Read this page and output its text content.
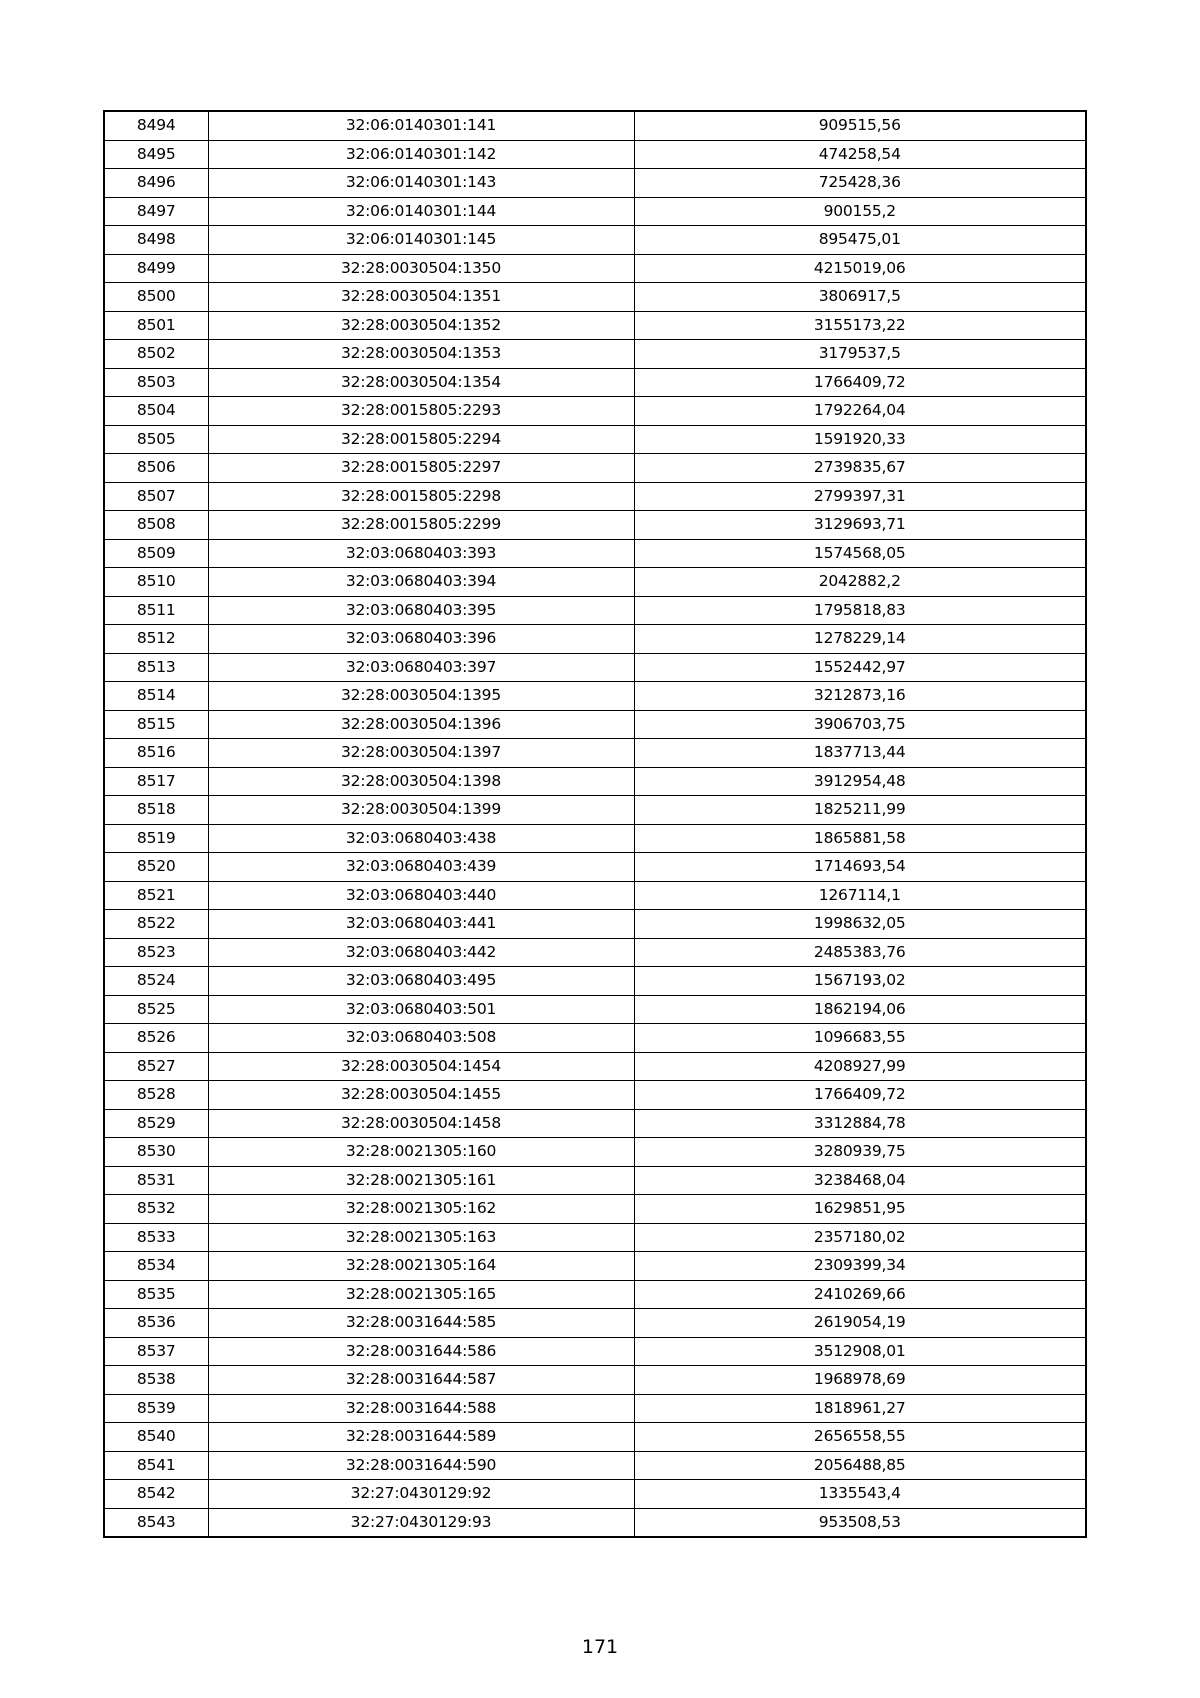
8494	32:06:0140301:141	909515,56
8495	32:06:0140301:142	474258,54
8496	32:06:0140301:143	725428,36
8497	32:06:0140301:144	900155,2
8498	32:06:0140301:145	895475,01
8499	32:28:0030504:1350	4215019,06
8500	32:28:0030504:1351	3806917,5
8501	32:28:0030504:1352	3155173,22
8502	32:28:0030504:1353	3179537,5
8503	32:28:0030504:1354	1766409,72
8504	32:28:0015805:2293	1792264,04
8505	32:28:0015805:2294	1591920,33
8506	32:28:0015805:2297	2739835,67
8507	32:28:0015805:2298	2799397,31
8508	32:28:0015805:2299	3129693,71
8509	32:03:0680403:393	1574568,05
8510	32:03:0680403:394	2042882,2
8511	32:03:0680403:395	1795818,83
8512	32:03:0680403:396	1278229,14
8513	32:03:0680403:397	1552442,97
8514	32:28:0030504:1395	3212873,16
8515	32:28:0030504:1396	3906703,75
8516	32:28:0030504:1397	1837713,44
8517	32:28:0030504:1398	3912954,48
8518	32:28:0030504:1399	1825211,99
8519	32:03:0680403:438	1865881,58
8520	32:03:0680403:439	1714693,54
8521	32:03:0680403:440	1267114,1
8522	32:03:0680403:441	1998632,05
8523	32:03:0680403:442	2485383,76
8524	32:03:0680403:495	1567193,02
8525	32:03:0680403:501	1862194,06
8526	32:03:0680403:508	1096683,55
8527	32:28:0030504:1454	4208927,99
8528	32:28:0030504:1455	1766409,72
8529	32:28:0030504:1458	3312884,78
8530	32:28:0021305:160	3280939,75
8531	32:28:0021305:161	3238468,04
8532	32:28:0021305:162	1629851,95
8533	32:28:0021305:163	2357180,02
8534	32:28:0021305:164	2309399,34
8535	32:28:0021305:165	2410269,66
8536	32:28:0031644:585	2619054,19
8537	32:28:0031644:586	3512908,01
8538	32:28:0031644:587	1968978,69
8539	32:28:0031644:588	1818961,27
8540	32:28:0031644:589	2656558,55
8541	32:28:0031644:590	2056488,85
8542	32:27:0430129:92	1335543,4
8543	32:27:0430129:93	953508,53
171
